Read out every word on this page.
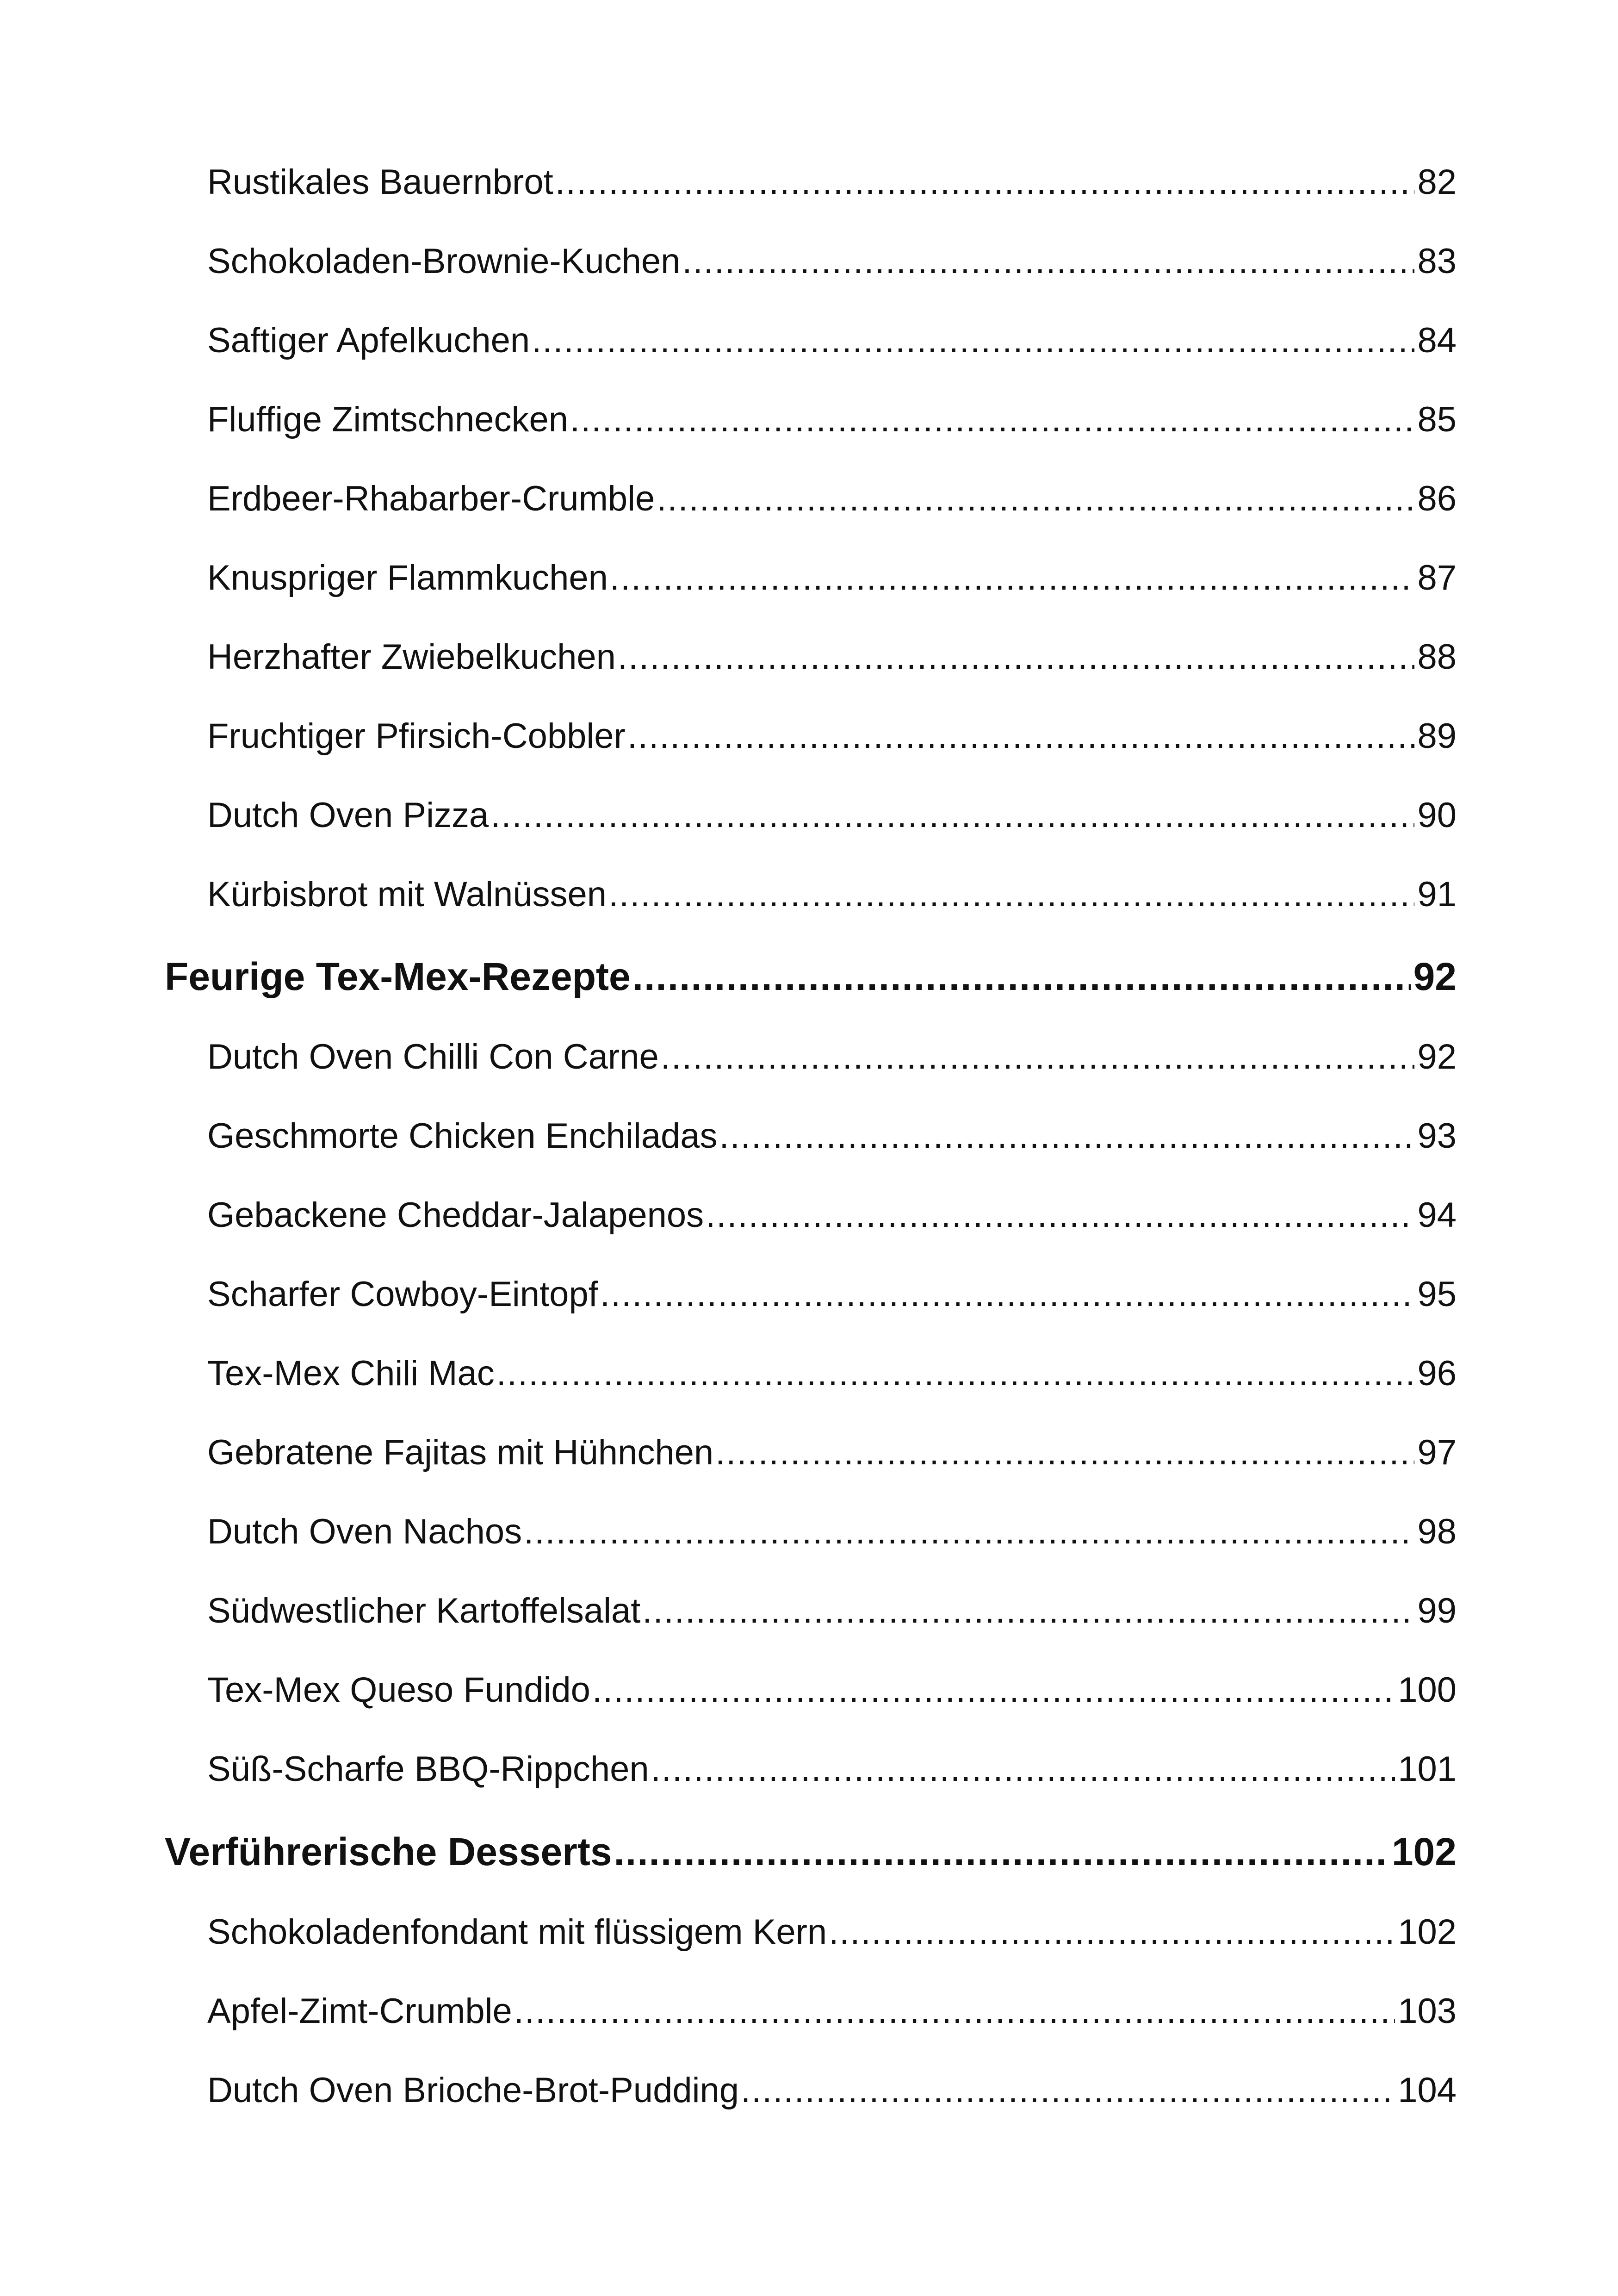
Rustikales Bauernbrot .....	82
Schokoladen-Brownie-Kuchen .....	83
Saftiger Apfelkuchen .....	84
Fluffige Zimtschnecken .....	85
Erdbeer-Rhabarber-Crumble .....	86
Knuspriger Flammkuchen .....	87
Herzhafter Zwiebelkuchen .....	88
Fruchtiger Pfirsich-Cobbler .....	89
Dutch Oven Pizza .....	90
Kürbisbrot mit Walnüssen .....	91
Feurige Tex-Mex-Rezepte .....	92
Dutch Oven Chilli Con Carne .....	92
Geschmorte Chicken Enchiladas .....	93
Gebackene Cheddar-Jalapenos .....	94
Scharfer Cowboy-Eintopf .....	95
Tex-Mex Chili Mac .....	96
Gebratene Fajitas mit Hühnchen .....	97
Dutch Oven Nachos .....	98
Südwestlicher Kartoffelsalat .....	99
Tex-Mex Queso Fundido .....	100
Süß-Scharfe BBQ-Rippchen .....	101
Verführerische Desserts .....	102
Schokoladenfondant mit flüssigem Kern .....	102
Apfel-Zimt-Crumble .....	103
Dutch Oven Brioche-Brot-Pudding .....	104
